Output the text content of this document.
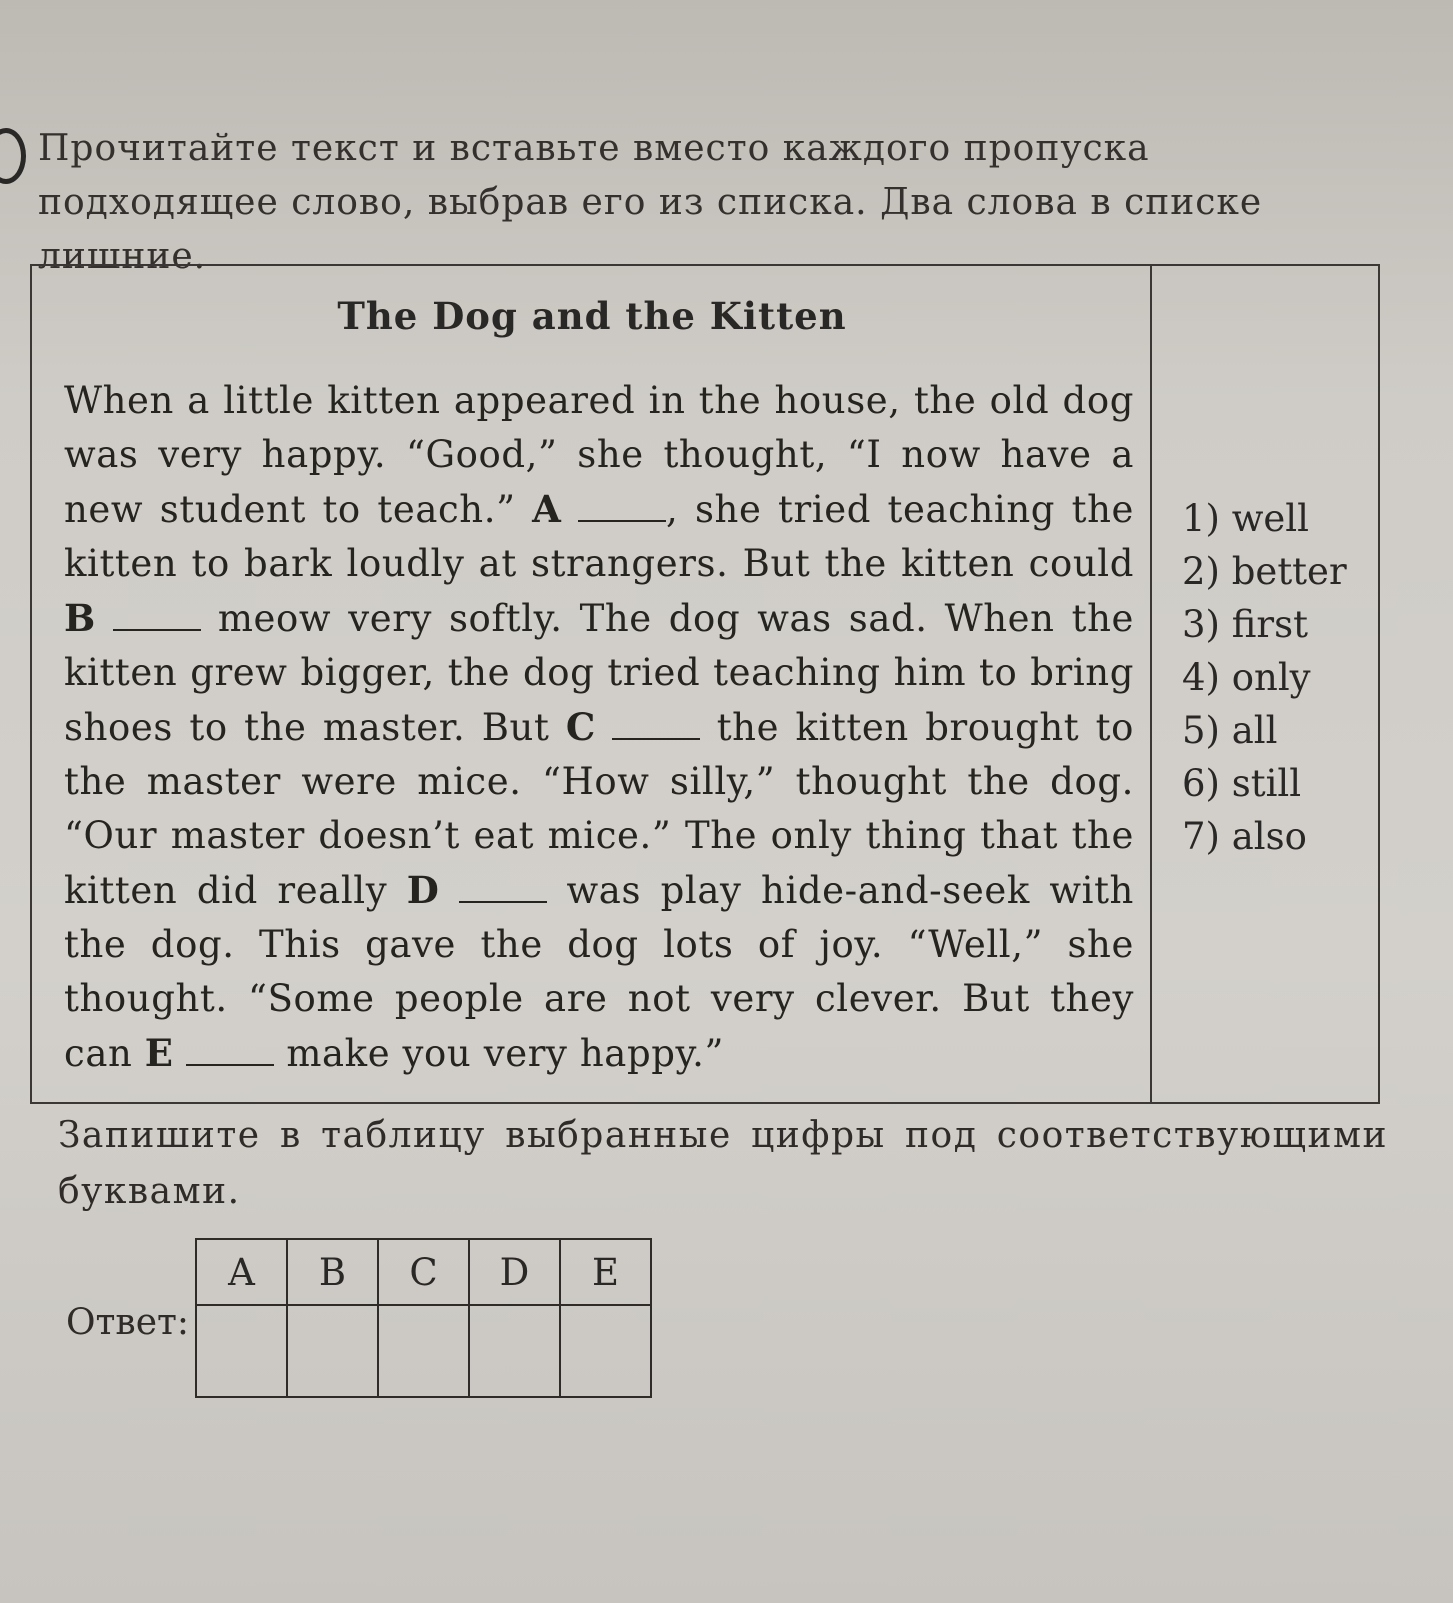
Прочитайте текст и вставьте вместо каждого пропуска подходящее слово, выбрав его из списка. Два слова в списке лишние.
The Dog and the Kitten
When a little kitten appeared in the house, the old dog was very happy. “Good,” she thought, “I now have a new student to teach.” A	, she tried teaching the kitten to bark loudly at strangers. But the kitten could B	meow very softly. The dog was sad. When the kitten grew bigger, the dog tried teaching him to bring shoes to the master. But C	the kitten brought to the master were mice. “How silly,” thought the dog. “Our master doesn’t eat mice.” The only thing that the kitten did really D	was play hide-and-seek with the dog. This gave the dog lots of joy. “Well,” she thought. “Some people are not very clever. But they can E	make you very happy.”
1) well
2) better
3) first
4) only
5) all
6) still
7) also
Запишите в таблицу выбранные цифры под соответствующими буквами.
Ответ:
A	B	C	D	E
